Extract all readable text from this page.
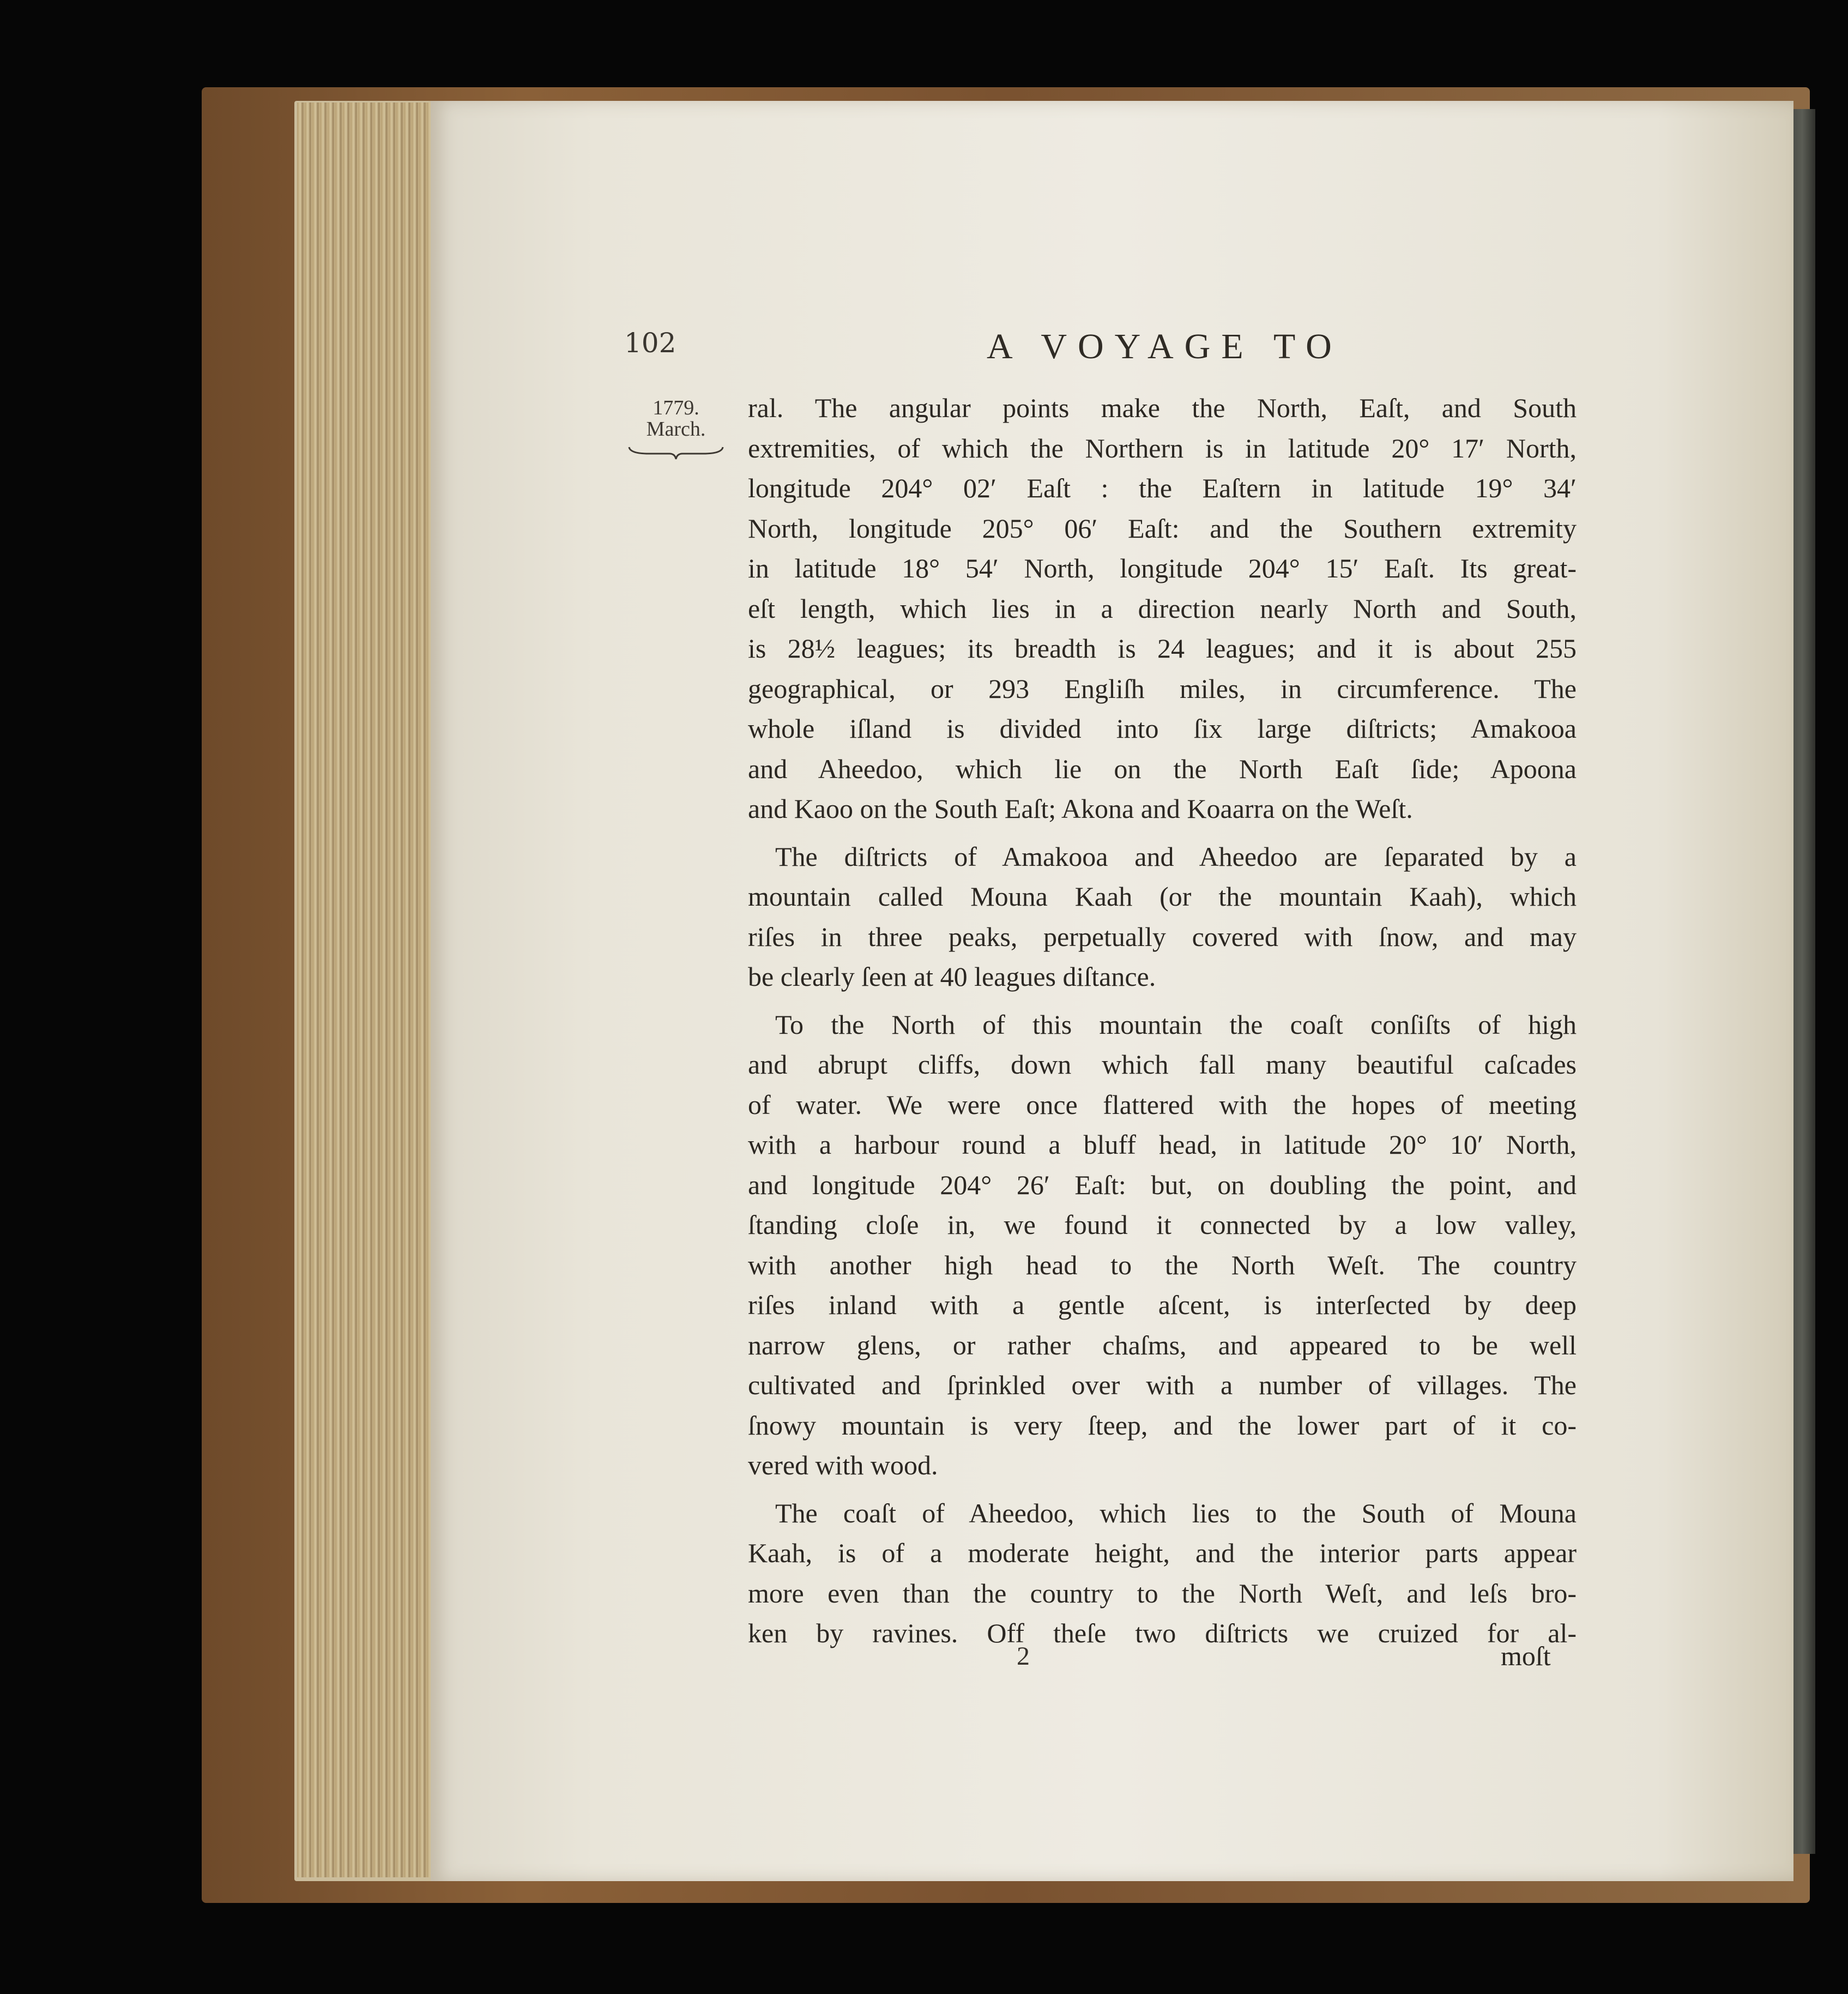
102	A VOYAGE TO
1779.
March.
ral. The angular points make the North, Eaſt, and South
extremities, of which the Northern is in latitude 20° 17′ North,
longitude 204° 02′ Eaſt : the Eaſtern in latitude 19° 34′
North, longitude 205° 06′ Eaſt: and the Southern extremity
in latitude 18° 54′ North, longitude 204° 15′ Eaſt. Its great-
eſt length, which lies in a direction nearly North and South,
is 28½ leagues; its breadth is 24 leagues; and it is about 255
geographical, or 293 Engliſh miles, in circumference. The
whole iſland is divided into ſix large diſtricts; Amakooa
and Aheedoo, which lie on the North Eaſt ſide; Apoona
and Kaoo on the South Eaſt; Akona and Koaarra on the Weſt.
The diſtricts of Amakooa and Aheedoo are ſeparated by a
mountain called Mouna Kaah (or the mountain Kaah), which
riſes in three peaks, perpetually covered with ſnow, and may
be clearly ſeen at 40 leagues diſtance.
To the North of this mountain the coaſt conſiſts of high
and abrupt cliffs, down which fall many beautiful caſcades
of water. We were once flattered with the hopes of meeting
with a harbour round a bluff head, in latitude 20° 10′ North,
and longitude 204° 26′ Eaſt: but, on doubling the point, and
ſtanding cloſe in, we found it connected by a low valley,
with another high head to the North Weſt. The country
riſes inland with a gentle aſcent, is interſected by deep
narrow glens, or rather chaſms, and appeared to be well
cultivated and ſprinkled over with a number of villages. The
ſnowy mountain is very ſteep, and the lower part of it co-
vered with wood.
The coaſt of Aheedoo, which lies to the South of Mouna
Kaah, is of a moderate height, and the interior parts appear
more even than the country to the North Weſt, and leſs bro-
ken by ravines. Off theſe two diſtricts we cruized for al-
2	moſt
